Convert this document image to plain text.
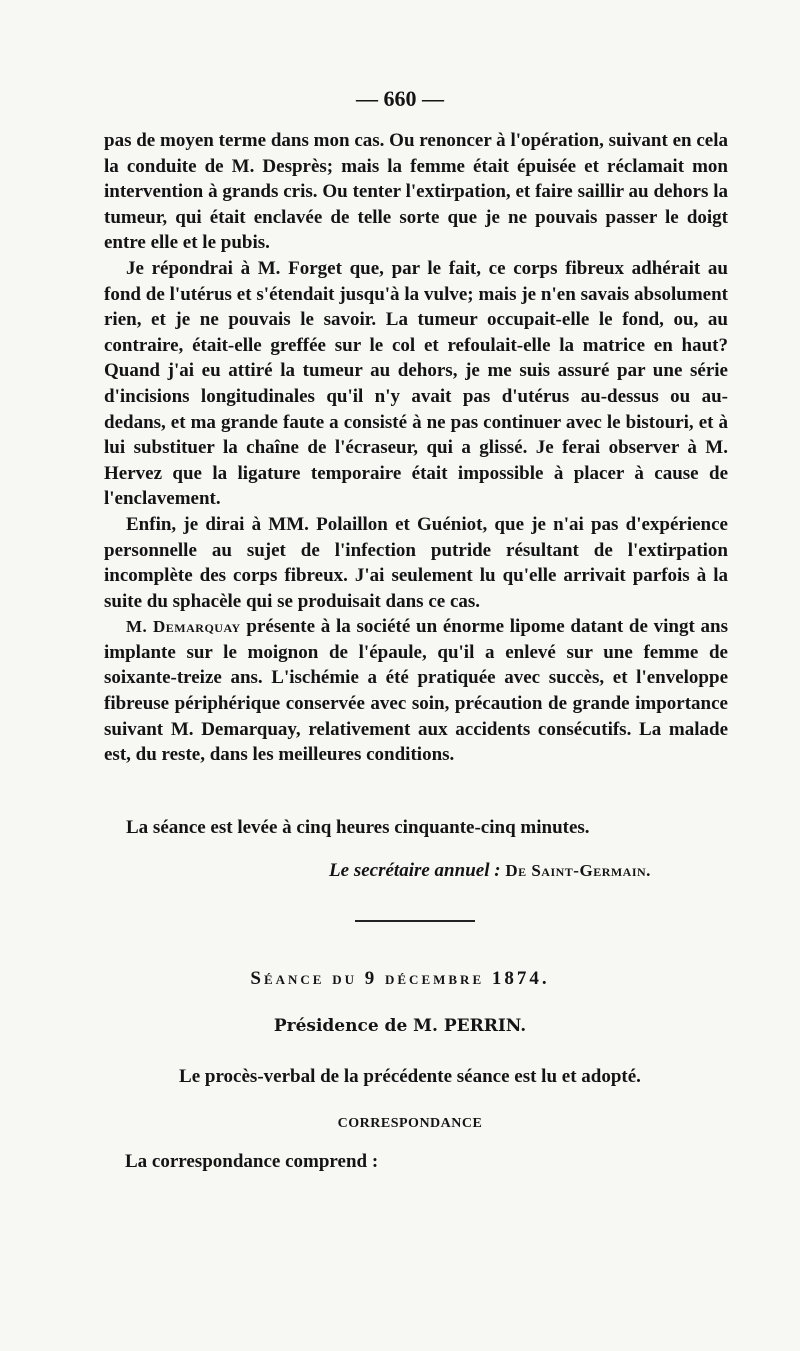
— 660 —

pas de moyen terme dans mon cas. Ou renoncer à l'opération, suivant en cela la conduite de M. Desprès; mais la femme était épuisée et réclamait mon intervention à grands cris. Ou tenter l'extirpation, et faire saillir au dehors la tumeur, qui était enclavée de telle sorte que je ne pouvais passer le doigt entre elle et le pubis.

Je répondrai à M. Forget que, par le fait, ce corps fibreux adhérait au fond de l'utérus et s'étendait jusqu'à la vulve; mais je n'en savais absolument rien, et je ne pouvais le savoir. La tumeur occupait-elle le fond, ou, au contraire, était-elle greffée sur le col et refoulait-elle la matrice en haut? Quand j'ai eu attiré la tumeur au dehors, je me suis assuré par une série d'incisions longitudinales qu'il n'y avait pas d'utérus au-dessus ou au-dedans, et ma grande faute a consisté à ne pas continuer avec le bistouri, et à lui substituer la chaîne de l'écraseur, qui a glissé. Je ferai observer à M. Hervez que la ligature temporaire était impossible à placer à cause de l'enclavement.

Enfin, je dirai à MM. Polaillon et Guéniot, que je n'ai pas d'expérience personnelle au sujet de l'infection putride résultant de l'extirpation incomplète des corps fibreux. J'ai seulement lu qu'elle arrivait parfois à la suite du sphacèle qui se produisait dans ce cas.

M. Demarquay présente à la société un énorme lipome datant de vingt ans implante sur le moignon de l'épaule, qu'il a enlevé sur une femme de soixante-treize ans. L'ischémie a été pratiquée avec succès, et l'enveloppe fibreuse périphérique conservée avec soin, précaution de grande importance suivant M. Demarquay, relativement aux accidents consécutifs. La malade est, du reste, dans les meilleures conditions.

La séance est levée à cinq heures cinquante-cinq minutes.

Le secrétaire annuel : De Saint-Germain.
Séance du 9 décembre 1874.
Présidence de M. PERRIN.
Le procès-verbal de la précédente séance est lu et adopté.
CORRESPONDANCE
La correspondance comprend :
